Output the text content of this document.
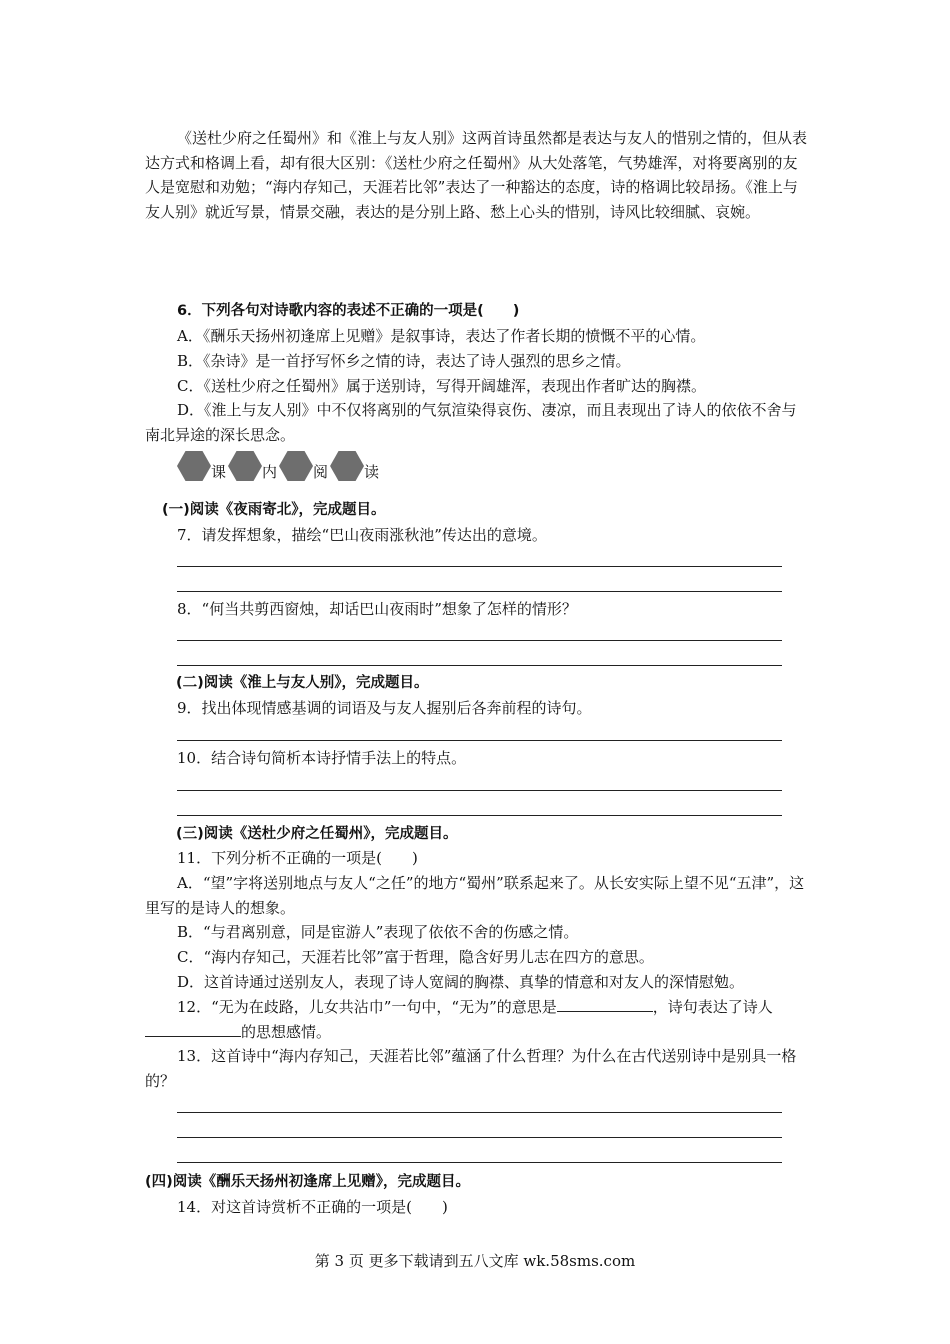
《送杜少府之任蜀州》和《淮上与友人别》这两首诗虽然都是表达与友人的惜别之情的，但从表达方式和格调上看，却有很大区别：《送杜少府之任蜀州》从大处落笔，气势雄浑，对将要离别的友人是宽慰和劝勉；“海内存知己，天涯若比邻”表达了一种豁达的态度，诗的格调比较昂扬。《淮上与友人别》就近写景，情景交融，表达的是分别上路、愁上心头的惜别，诗风比较细腻、哀婉。

6．下列各句对诗歌内容的表述不正确的一项是(　　)

A．《酬乐天扬州初逢席上见赠》是叙事诗，表达了作者长期的愤慨不平的心情。

B．《杂诗》是一首抒写怀乡之情的诗，表达了诗人强烈的思乡之情。

C．《送杜少府之任蜀州》属于送别诗，写得开阔雄浑，表现出作者旷达的胸襟。

D．《淮上与友人别》中不仅将离别的气氛渲染得哀伤、凄凉，而且表现出了诗人的依依不舍与南北异途的深长思念。

课 内 阅 读

(一)阅读《夜雨寄北》，完成题目。

7．请发挥想象，描绘“巴山夜雨涨秋池”传达出的意境。

8．“何当共剪西窗烛，却话巴山夜雨时”想象了怎样的情形？

(二)阅读《淮上与友人别》，完成题目。

9．找出体现情感基调的词语及与友人握别后各奔前程的诗句。

10．结合诗句简析本诗抒情手法上的特点。

(三)阅读《送杜少府之任蜀州》，完成题目。

11．下列分析不正确的一项是(　　)

A．“望”字将送别地点与友人“之任”的地方“蜀州”联系起来了。从长安实际上望不见“五津”，这里写的是诗人的想象。

B．“与君离别意，同是宦游人”表现了依依不舍的伤感之情。

C．“海内存知己，天涯若比邻”富于哲理，隐含好男儿志在四方的意思。

D．这首诗通过送别友人，表现了诗人宽阔的胸襟、真挚的情意和对友人的深情慰勉。

12．“无为在歧路，儿女共沾巾”一句中，“无为”的意思是	，诗句表达了诗人的思想感情。

13．这首诗中“海内存知己，天涯若比邻”蕴涵了什么哲理？为什么在古代送别诗中是别具一格的？

(四)阅读《酬乐天扬州初逢席上见赠》，完成题目。

14．对这首诗赏析不正确的一项是(　　)

第 3 页 更多下载请到五八文库 wk.58sms.com
